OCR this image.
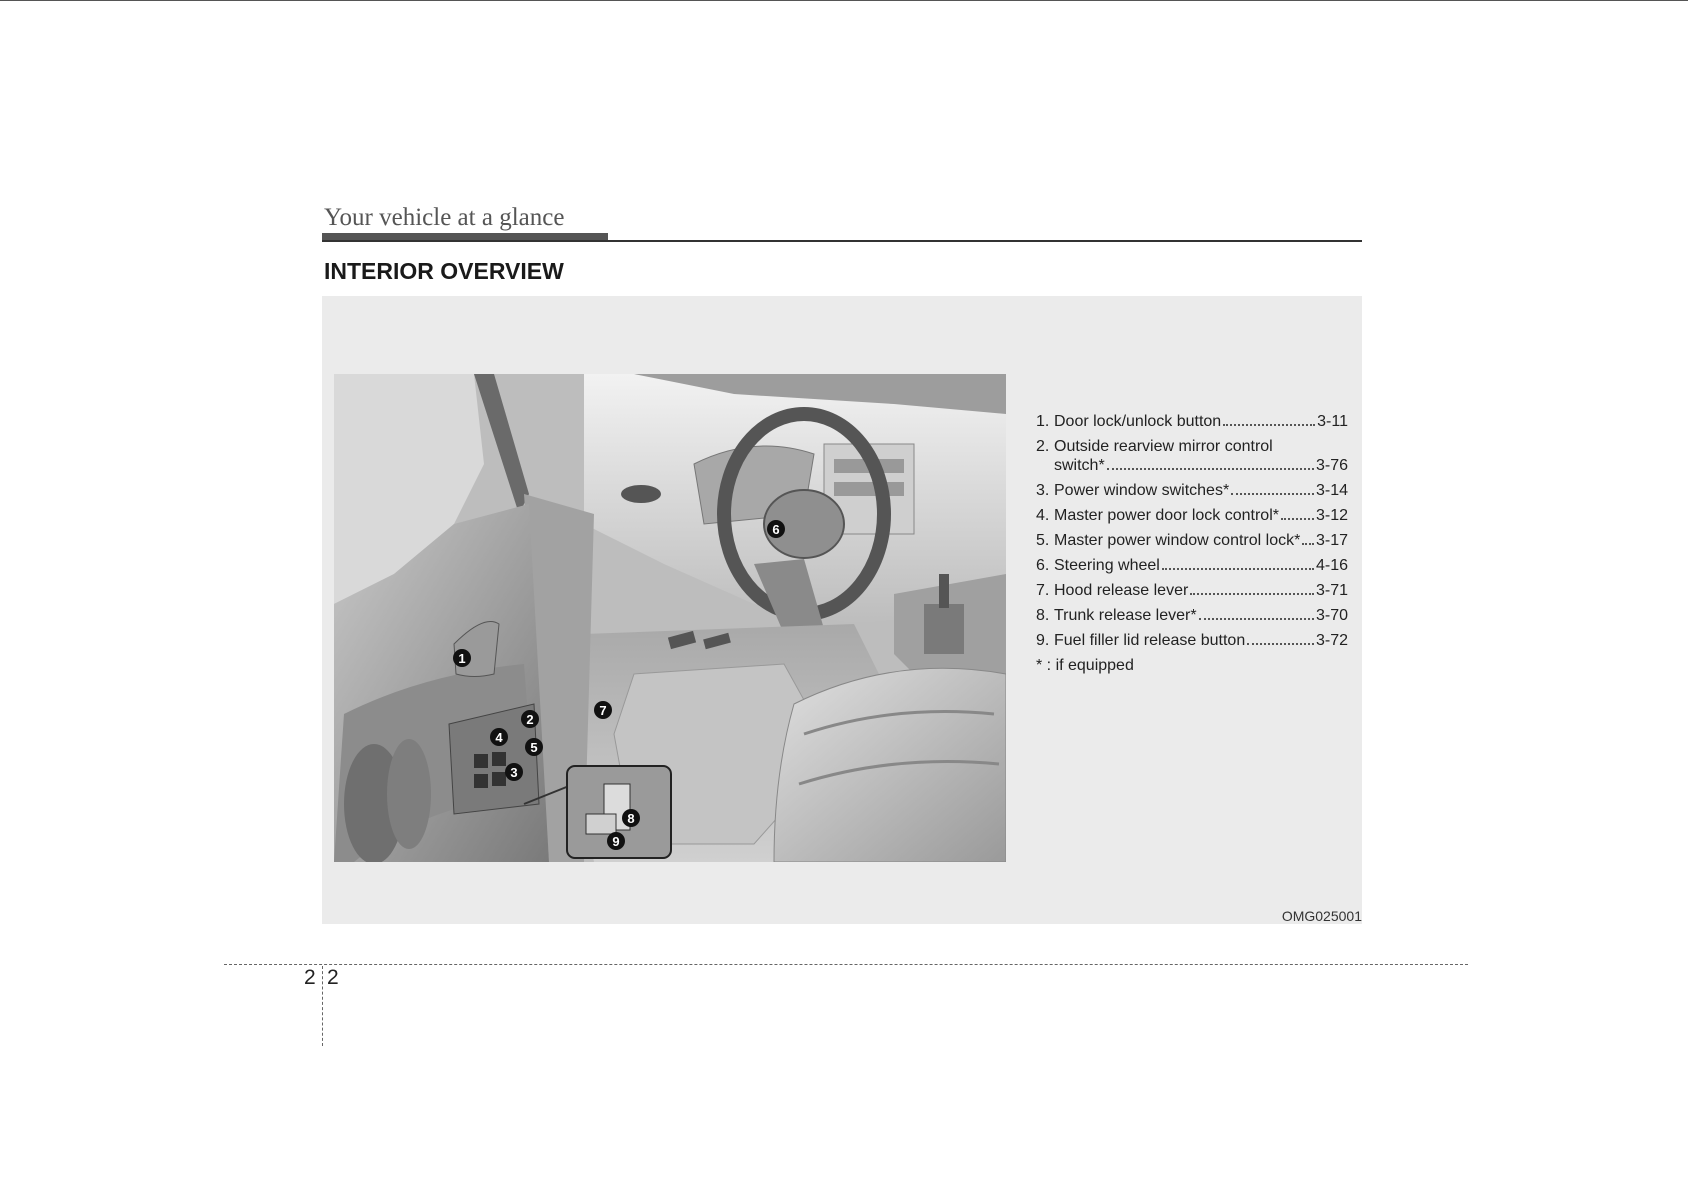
Your vehicle at a glance
INTERIOR OVERVIEW
1
2
3
4
5
6
7
8
9
1. Door lock/unlock button	3-11
2. Outside rearview mirror control
switch*	3-76
3. Power window switches*	3-14
4. Master power door lock control* 3-12
5. Master power window control lock* 3-17
6. Steering wheel	4-16
7. Hood release lever	3-71
8. Trunk release lever*	3-70
9. Fuel filler lid release button	3-72
* : if equipped
OMG025001
2 2
